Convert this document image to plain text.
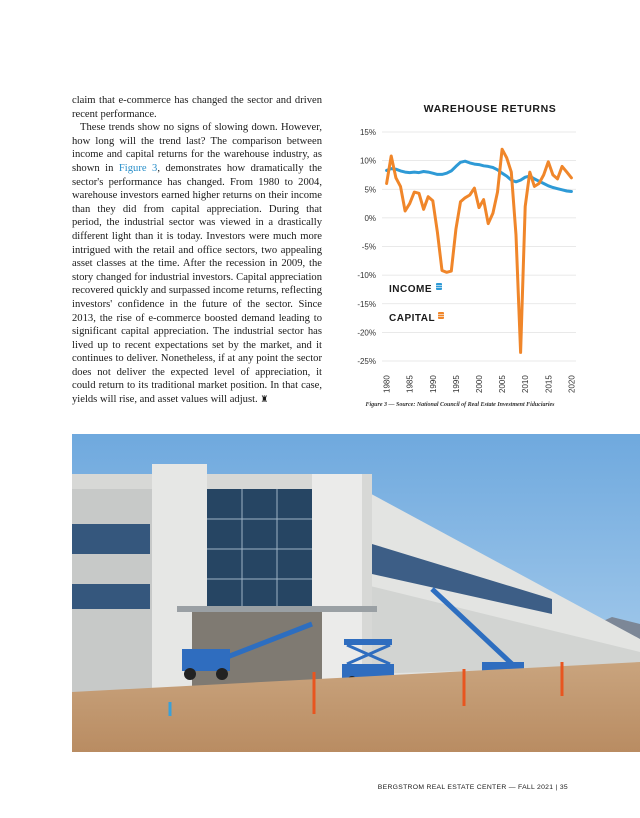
claim that e-commerce has changed the sector and driven recent performance.

These trends show no signs of slowing down. However, how long will the trend last? The comparison between income and capital returns for the warehouse industry, as shown in Figure 3, demonstrates how dramatically the sector's performance has changed. From 1980 to 2004, warehouse investors earned higher returns on their income than they did from capital appreciation. During that period, the industrial sector was viewed in a drastically different light than it is today. Investors were much more intrigued with the retail and office sectors, two appealing asset classes at the time. After the recession in 2009, the story changed for industrial investors. Capital appreciation recovered quickly and surpassed income returns, reflecting investors' confidence in the future of the sector. Since 2013, the rise of e-commerce boosted demand leading to significant capital appreciation. The industrial sector has lived up to recent expectations set by the market, and it continues to deliver. Nonetheless, if at any point the sector does not deliver the expected level of appreciation, it could return to its traditional market position. In that case, yields will rise, and asset values will adjust. ♜

WAREHOUSE RETURNS
15%
10%
5%
0%
-5%
-10%
-15%
-20%
-25%
1980 1985 1990 1995 2000 2005 2010 2015 2020
INCOME
CAPITAL
Figure 3 — Source: National Council of Real Estate Investment Fiduciaries
BERGSTROM REAL ESTATE CENTER — FALL 2021 | 35
